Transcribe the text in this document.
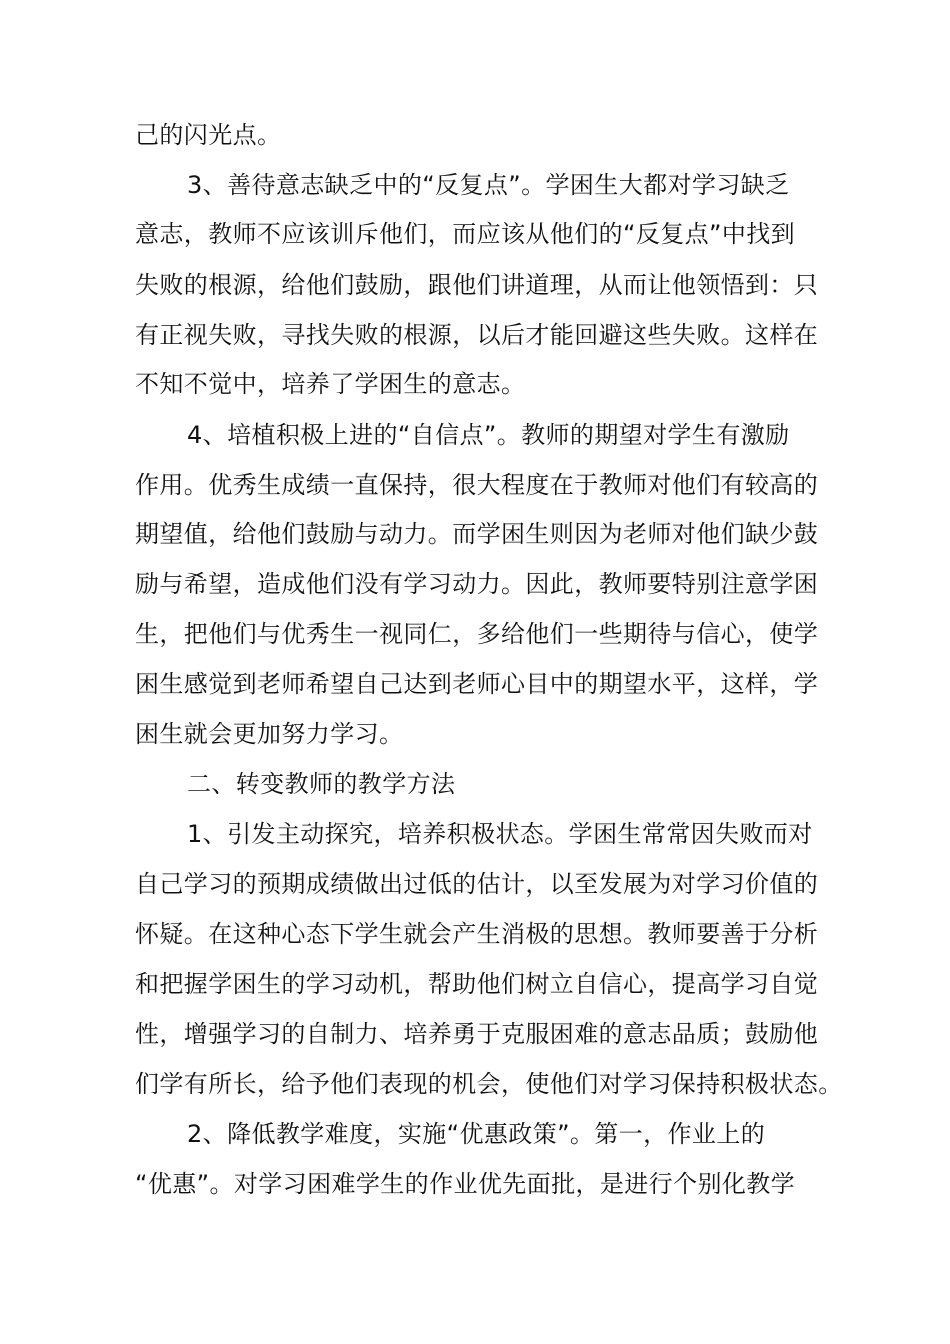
己的闪光点。
3、善待意志缺乏中的“反复点”。学困生大都对学习缺乏
意志，教师不应该训斥他们，而应该从他们的“反复点”中找到
失败的根源，给他们鼓励，跟他们讲道理，从而让他领悟到：只
有正视失败，寻找失败的根源，以后才能回避这些失败。这样在
不知不觉中，培养了学困生的意志。
4、培植积极上进的“自信点”。教师的期望对学生有激励
作用。优秀生成绩一直保持，很大程度在于教师对他们有较高的
期望值，给他们鼓励与动力。而学困生则因为老师对他们缺少鼓
励与希望，造成他们没有学习动力。因此，教师要特别注意学困
生，把他们与优秀生一视同仁，多给他们一些期待与信心，使学
困生感觉到老师希望自己达到老师心目中的期望水平，这样，学
困生就会更加努力学习。
二、转变教师的教学方法
1、引发主动探究，培养积极状态。学困生常常因失败而对
自己学习的预期成绩做出过低的估计，以至发展为对学习价值的
怀疑。在这种心态下学生就会产生消极的思想。教师要善于分析
和把握学困生的学习动机，帮助他们树立自信心，提高学习自觉
性，增强学习的自制力、培养勇于克服困难的意志品质；鼓励他
们学有所长，给予他们表现的机会，使他们对学习保持积极状态。
2、降低教学难度，实施“优惠政策”。第一，作业上的
“优惠”。对学习困难学生的作业优先面批，是进行个别化教学
